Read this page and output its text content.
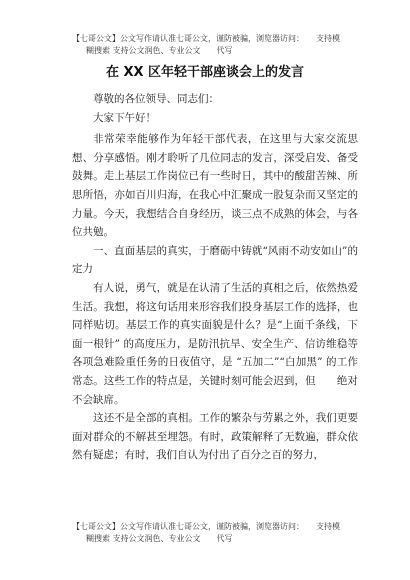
【七哥公文】公文写作请认准七哥公文，谨防被骗，浏览器访问：　　支持模
糊搜索 支持公文润色、专业公文　　代写
在 XX 区年轻干部座谈会上的发言

尊敬的各位领导、同志们：

大家下午好！

非常荣幸能够作为年轻干部代表，在这里与大家交流思想、分享感悟。刚才聆听了几位同志的发言，深受启发、备受鼓舞。走上基层工作岗位已有一些时日，其中的酸甜苦辣、所思所悟，亦如百川归海，在我心中汇聚成一股复杂而又坚定的力量。今天，我想结合自身经历，谈三点不成熟的体会，与各位共勉。

一、直面基层的真实，于磨砺中铸就“风雨不动安如山”的定力

有人说，勇气，就是在认清了生活的真相之后，依然热爱生活。我想，将这句话用来形容我们投身基层工作的选择，也同样贴切。基层工作的真实面貌是什么？是“上面千条线，下面一根针” 的高度压力，是防汛抗旱、安全生产、信访维稳等各项急难险重任务的日夜值守，是 “五加二”“白加黑” 的工作常态。这些工作的特点是，关键时刻可能会迟到，但　　绝对不会缺席。

这还不是全部的真相。工作的繁杂与劳累之外，我们更要面对群众的不解甚至埋怨。有时，政策解释了无数遍，群众依然有疑虑；有时，我们自认为付出了百分之百的努力，

【七哥公文】公文写作请认准七哥公文，谨防被骗，浏览器访问：　　支持模
糊搜索 支持公文润色、专业公文　　代写
